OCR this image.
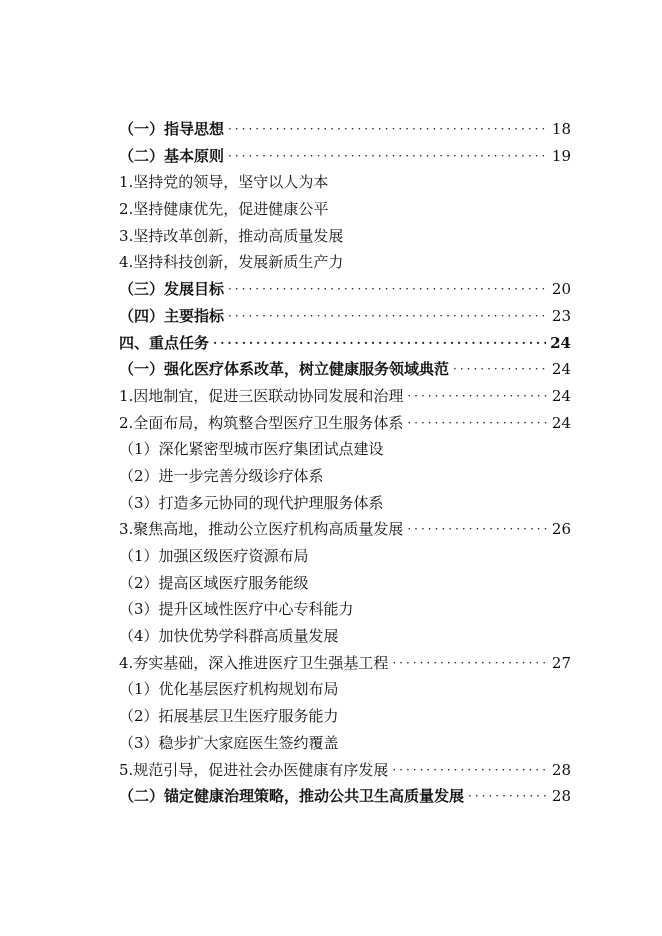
（一）指导思想 ·····	18
（二）基本原则 ·····	19
1.坚持党的领导，坚守以人为本
2.坚持健康优先，促进健康公平
3.坚持改革创新，推动高质量发展
4.坚持科技创新，发展新质生产力
（三）发展目标 ·····	20
（四）主要指标 ·····	23
四、重点任务 ·····	24
（一）强化医疗体系改革，树立健康服务领域典范 ·····	24
1.因地制宜，促进三医联动协同发展和治理 ·····	24
2.全面布局，构筑整合型医疗卫生服务体系 ·····	24
（1）深化紧密型城市医疗集团试点建设
（2）进一步完善分级诊疗体系
（3）打造多元协同的现代护理服务体系
3.聚焦高地，推动公立医疗机构高质量发展 ·····	26
（1）加强区级医疗资源布局
（2）提高区域医疗服务能级
（3）提升区域性医疗中心专科能力
（4）加快优势学科群高质量发展
4.夯实基础，深入推进医疗卫生强基工程 ·····	27
（1）优化基层医疗机构规划布局
（2）拓展基层卫生医疗服务能力
（3）稳步扩大家庭医生签约覆盖
5.规范引导，促进社会办医健康有序发展 ·····	28
（二）锚定健康治理策略，推动公共卫生高质量发展 ·····	28
